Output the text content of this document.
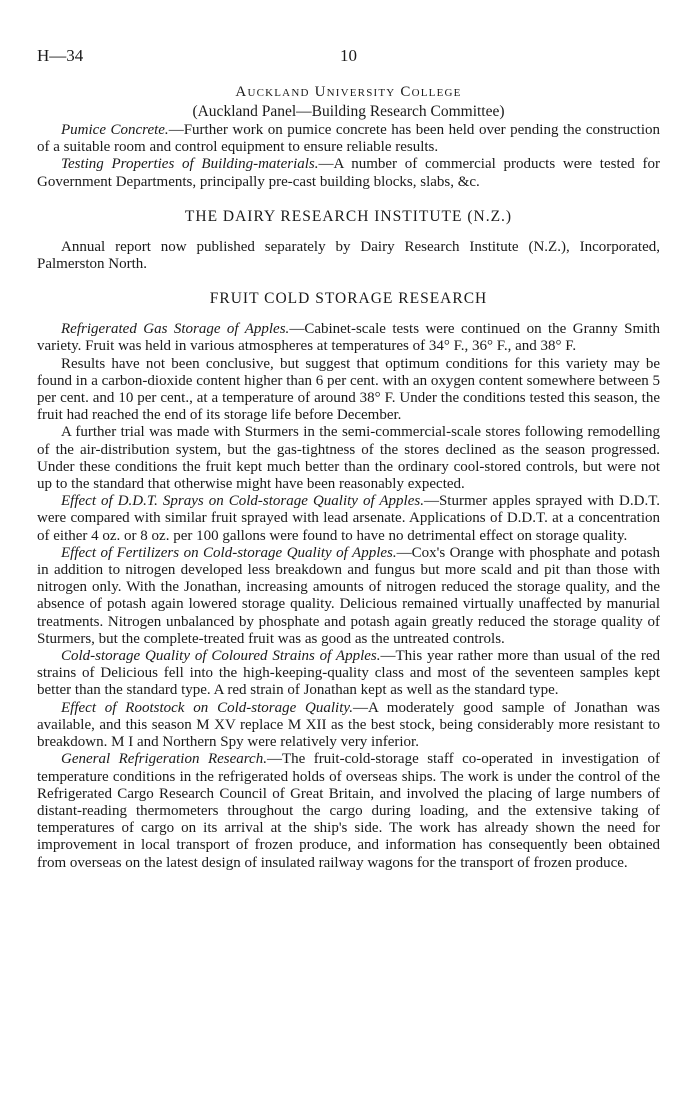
H—34	10
Auckland University College
(Auckland Panel—Building Research Committee)

Pumice Concrete.—Further work on pumice concrete has been held over pending the construction of a suitable room and control equipment to ensure reliable results.

Testing Properties of Building-materials.—A number of commercial products were tested for Government Departments, principally pre-cast building blocks, slabs, &c.

THE DAIRY RESEARCH INSTITUTE (N.Z.)

Annual report now published separately by Dairy Research Institute (N.Z.), Incorporated, Palmerston North.

FRUIT COLD STORAGE RESEARCH

Refrigerated Gas Storage of Apples.—Cabinet-scale tests were continued on the Granny Smith variety. Fruit was held in various atmospheres at temperatures of 34° F., 36° F., and 38° F.

Results have not been conclusive, but suggest that optimum conditions for this variety may be found in a carbon-dioxide content higher than 6 per cent. with an oxygen content somewhere between 5 per cent. and 10 per cent., at a temperature of around 38° F. Under the conditions tested this season, the fruit had reached the end of its storage life before December.

A further trial was made with Sturmers in the semi-commercial-scale stores following remodelling of the air-distribution system, but the gas-tightness of the stores declined as the season progressed. Under these conditions the fruit kept much better than the ordinary cool-stored controls, but were not up to the standard that otherwise might have been reasonably expected.

Effect of D.D.T. Sprays on Cold-storage Quality of Apples.—Sturmer apples sprayed with D.D.T. were compared with similar fruit sprayed with lead arsenate. Applications of D.D.T. at a concentration of either 4 oz. or 8 oz. per 100 gallons were found to have no detrimental effect on storage quality.

Effect of Fertilizers on Cold-storage Quality of Apples.—Cox's Orange with phosphate and potash in addition to nitrogen developed less breakdown and fungus but more scald and pit than those with nitrogen only. With the Jonathan, increasing amounts of nitrogen reduced the storage quality, and the absence of potash again lowered storage quality. Delicious remained virtually unaffected by manurial treatments. Nitrogen unbalanced by phosphate and potash again greatly reduced the storage quality of Sturmers, but the complete-treated fruit was as good as the untreated controls.

Cold-storage Quality of Coloured Strains of Apples.—This year rather more than usual of the red strains of Delicious fell into the high-keeping-quality class and most of the seventeen samples kept better than the standard type. A red strain of Jonathan kept as well as the standard type.

Effect of Rootstock on Cold-storage Quality.—A moderately good sample of Jonathan was available, and this season M XV replace M XII as the best stock, being considerably more resistant to breakdown. M I and Northern Spy were relatively very inferior.

General Refrigeration Research.—The fruit-cold-storage staff co-operated in investigation of temperature conditions in the refrigerated holds of overseas ships. The work is under the control of the Refrigerated Cargo Research Council of Great Britain, and involved the placing of large numbers of distant-reading thermometers throughout the cargo during loading, and the extensive taking of temperatures of cargo on its arrival at the ship's side. The work has already shown the need for improvement in local transport of frozen produce, and information has consequently been obtained from overseas on the latest design of insulated railway wagons for the transport of frozen produce.
